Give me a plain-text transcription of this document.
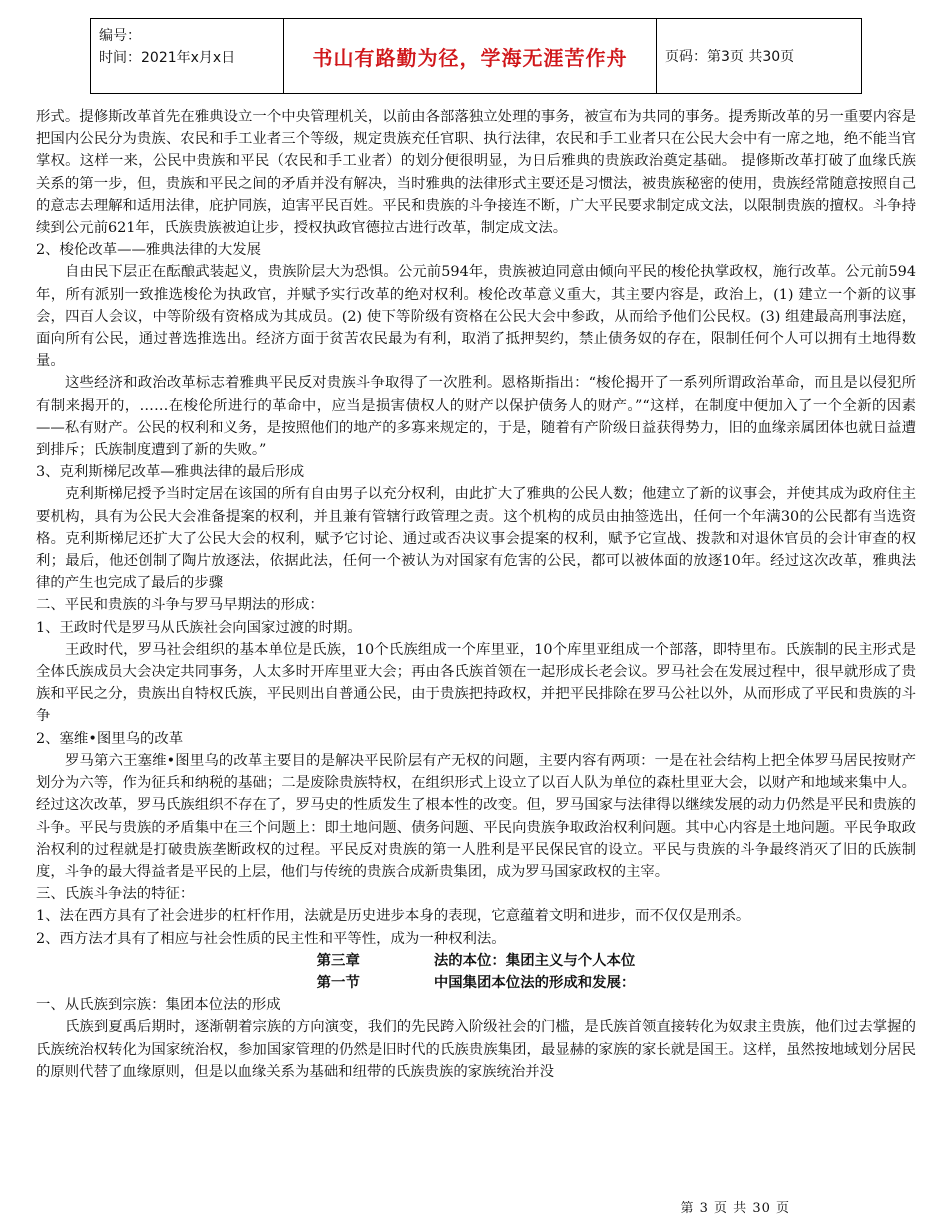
编号：
时间：2021年x月x日	书山有路勤为径，学海无涯苦作舟	页码：第3页 共30页

形式。提修斯改革首先在雅典设立一个中央管理机关，以前由各部落独立处理的事务，被宣布为共同的事务。提秀斯改革的另一重要内容是把国内公民分为贵族、农民和手工业者三个等级，规定贵族充任官职、执行法律，农民和手工业者只在公民大会中有一席之地，绝不能当官掌权。这样一来，公民中贵族和平民（农民和手工业者）的划分便很明显，为日后雅典的贵族政治奠定基础。 提修斯改革打破了血缘氏族关系的第一步，但，贵族和平民之间的矛盾并没有解决，当时雅典的法律形式主要还是习惯法，被贵族秘密的使用，贵族经常随意按照自己的意志去理解和适用法律，庇护同族，迫害平民百姓。平民和贵族的斗争接连不断，广大平民要求制定成文法，以限制贵族的擅权。斗争持续到公元前621年，氏族贵族被迫让步，授权执政官德拉古进行改革，制定成文法。

2、梭伦改革——雅典法律的大发展

自由民下层正在酝酿武装起义，贵族阶层大为恐惧。公元前594年，贵族被迫同意由倾向平民的梭伦执掌政权，施行改革。公元前594年，所有派别一致推选梭伦为执政官，并赋予实行改革的绝对权利。梭伦改革意义重大，其主要内容是，政治上，(1) 建立一个新的议事会，四百人会议，中等阶级有资格成为其成员。(2) 使下等阶级有资格在公民大会中参政，从而给予他们公民权。(3) 组建最高刑事法庭，面向所有公民，通过普选推选出。经济方面于贫苦农民最为有利，取消了抵押契约，禁止债务奴的存在，限制任何个人可以拥有土地得数量。

这些经济和政治改革标志着雅典平民反对贵族斗争取得了一次胜利。恩格斯指出：“梭伦揭开了一系列所谓政治革命，而且是以侵犯所有制来揭开的，……在梭伦所进行的革命中，应当是损害债权人的财产以保护债务人的财产。”“这样，在制度中便加入了一个全新的因素——私有财产。公民的权利和义务，是按照他们的地产的多寡来规定的，于是，随着有产阶级日益获得势力，旧的血缘亲属团体也就日益遭到排斥；氏族制度遭到了新的失败。”

3、克利斯梯尼改革—雅典法律的最后形成

克利斯梯尼授予当时定居在该国的所有自由男子以充分权利，由此扩大了雅典的公民人数；他建立了新的议事会，并使其成为政府住主要机构，具有为公民大会准备提案的权利，并且兼有管辖行政管理之责。这个机构的成员由抽签选出，任何一个年满30的公民都有当选资格。克利斯梯尼还扩大了公民大会的权利，赋予它讨论、通过或否决议事会提案的权利，赋予它宣战、拨款和对退休官员的会计审查的权利；最后，他还创制了陶片放逐法，依据此法，任何一个被认为对国家有危害的公民，都可以被体面的放逐10年。经过这次改革，雅典法律的产生也完成了最后的步骤

二、平民和贵族的斗争与罗马早期法的形成：

1、王政时代是罗马从氏族社会向国家过渡的时期。

王政时代，罗马社会组织的基本单位是氏族，10个氏族组成一个库里亚，10个库里亚组成一个部落，即特里布。氏族制的民主形式是全体氏族成员大会决定共同事务，人太多时开库里亚大会；再由各氏族首领在一起形成长老会议。罗马社会在发展过程中，很早就形成了贵族和平民之分，贵族出自特权氏族，平民则出自普通公民，由于贵族把持政权，并把平民排除在罗马公社以外，从而形成了平民和贵族的斗争

2、塞维•图里乌的改革

罗马第六王塞维•图里乌的改革主要目的是解决平民阶层有产无权的问题，主要内容有两项：一是在社会结构上把全体罗马居民按财产划分为六等，作为征兵和纳税的基础；二是废除贵族特权，在组织形式上设立了以百人队为单位的森杜里亚大会，以财产和地域来集中人。经过这次改革，罗马氏族组织不存在了，罗马史的性质发生了根本性的改变。但，罗马国家与法律得以继续发展的动力仍然是平民和贵族的斗争。平民与贵族的矛盾集中在三个问题上：即土地问题、债务问题、平民向贵族争取政治权利问题。其中心内容是土地问题。平民争取政治权利的过程就是打破贵族垄断政权的过程。平民反对贵族的第一人胜利是平民保民官的设立。平民与贵族的斗争最终消灭了旧的氏族制度，斗争的最大得益者是平民的上层，他们与传统的贵族合成新贵集团，成为罗马国家政权的主宰。

三、氏族斗争法的特征：

1、法在西方具有了社会进步的杠杆作用，法就是历史进步本身的表现，它意蕴着文明和进步，而不仅仅是刑杀。

2、西方法才具有了相应与社会性质的民主性和平等性，成为一种权利法。

第三章	法的本位：集团主义与个人本位
第一节	中国集团本位法的形成和发展：

一、从氏族到宗族：集团本位法的形成

氏族到夏禹后期时，逐渐朝着宗族的方向演变，我们的先民跨入阶级社会的门槛，是氏族首领直接转化为奴隶主贵族，他们过去掌握的氏族统治权转化为国家统治权，参加国家管理的仍然是旧时代的氏族贵族集团，最显赫的家族的家长就是国王。这样，虽然按地域划分居民的原则代替了血缘原则，但是以血缘关系为基础和纽带的氏族贵族的家族统治并没

第 3 页 共 30 页
